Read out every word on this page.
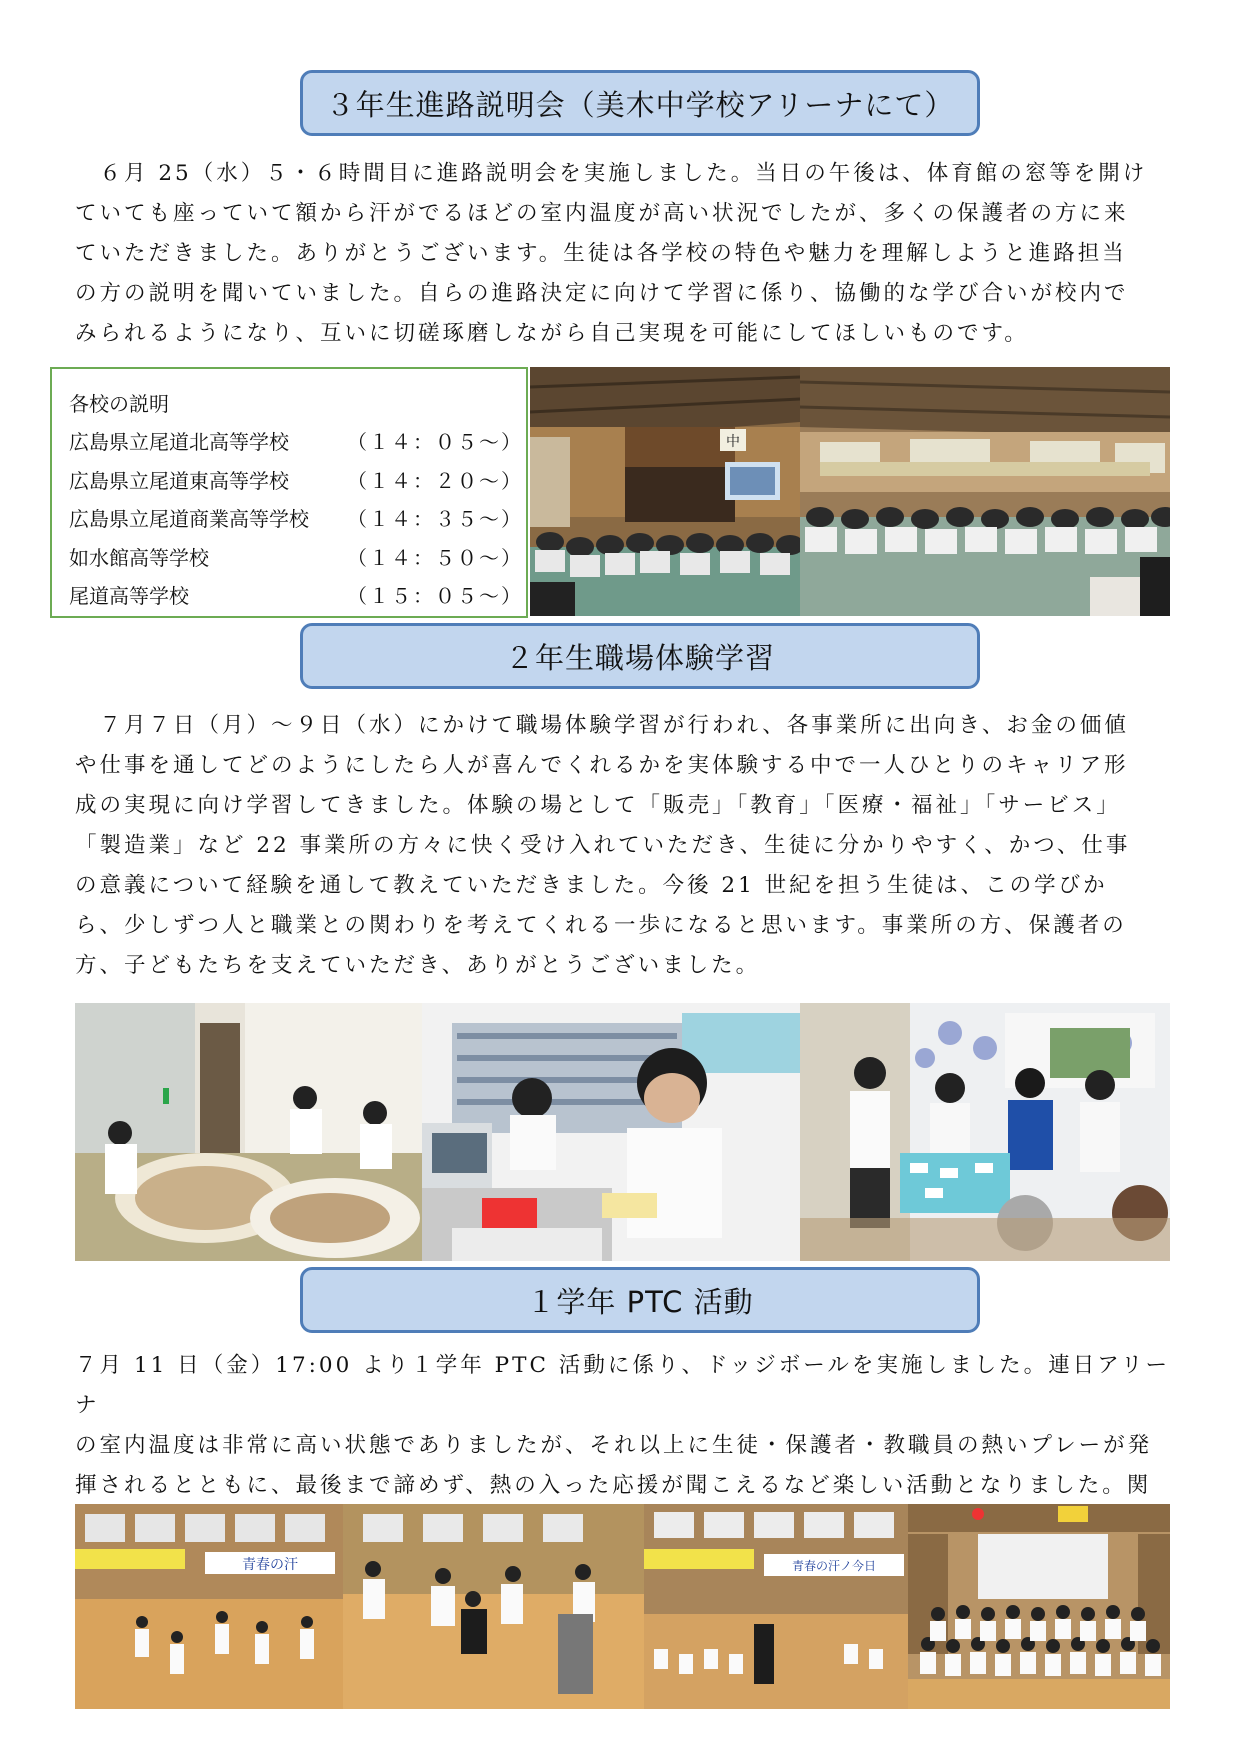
３年生進路説明会（美木中学校アリーナにて）
　６月 25（水）５・６時間目に進路説明会を実施しました。当日の午後は、体育館の窓等を開け
ていても座っていて額から汗がでるほどの室内温度が高い状況でしたが、多くの保護者の方に来
ていただきました。ありがとうございます。生徒は各学校の特色や魅力を理解しようと進路担当
の方の説明を聞いていました。自らの進路決定に向けて学習に係り、協働的な学び合いが校内で
みられるようになり、互いに切磋琢磨しながら自己実現を可能にしてほしいものです。
各校の説明
広島県立尾道北高等学校	（１４：０５～）
広島県立尾道東高等学校	（１４：２０～）
広島県立尾道商業高等学校 （１４：３５～）
如水館高等学校	（１４：５０～）
尾道高等学校	（１５：０５～）
中
２年生職場体験学習
　７月７日（月）～９日（水）にかけて職場体験学習が行われ、各事業所に出向き、お金の価値
や仕事を通してどのようにしたら人が喜んでくれるかを実体験する中で一人ひとりのキャリア形
成の実現に向け学習してきました。体験の場として「販売」「教育」「医療・福祉」「サービス」
「製造業」など 22 事業所の方々に快く受け入れていただき、生徒に分かりやすく、かつ、仕事
の意義について経験を通して教えていただきました。今後 21 世紀を担う生徒は、この学びか
ら、少しずつ人と職業との関わりを考えてくれる一歩になると思います。事業所の方、保護者の
方、子どもたちを支えていただき、ありがとうございました。
１学年 PTC 活動
７月 11 日（金）17:00 より１学年 PTC 活動に係り、ドッジボールを実施しました。連日アリーナ
の室内温度は非常に高い状態でありましたが、それ以上に生徒・保護者・教職員の熱いプレーが発
揮されるとともに、最後まで諦めず、熱の入った応援が聞こえるなど楽しい活動となりました。関
青春の汗	青春の汗ノ今日
